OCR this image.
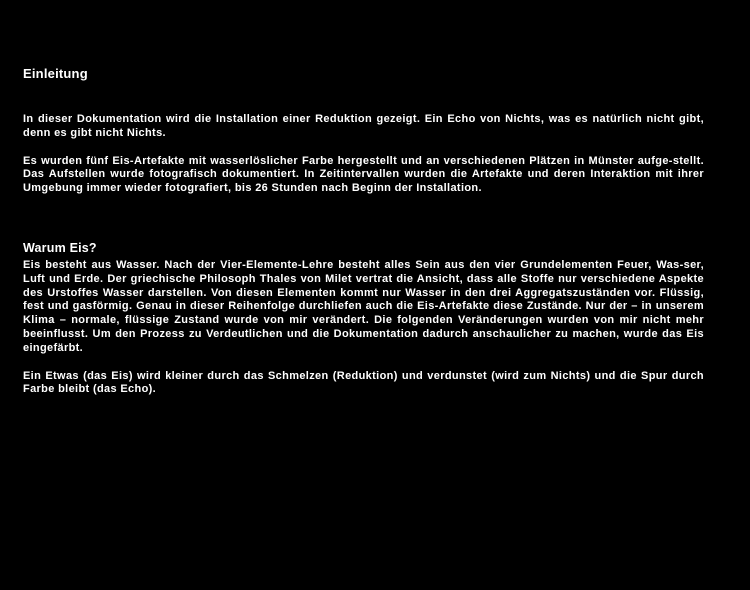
Einleitung

In dieser Dokumentation wird die Installation einer Reduktion gezeigt. Ein Echo von Nichts, was es natürlich nicht gibt, denn es gibt nicht Nichts.

Es wurden fünf Eis-Artefakte mit wasserlöslicher Farbe hergestellt und an verschiedenen Plätzen in Münster aufge-stellt. Das Aufstellen wurde fotografisch dokumentiert. In Zeitintervallen wurden die Artefakte und deren Interaktion mit ihrer Umgebung immer wieder fotografiert, bis 26 Stunden nach Beginn der Installation.

Warum Eis?

Eis besteht aus Wasser. Nach der Vier-Elemente-Lehre besteht alles Sein aus den vier Grundelementen Feuer, Was-ser, Luft und Erde. Der griechische Philosoph Thales von Milet vertrat die Ansicht, dass alle Stoffe nur verschiedene Aspekte des Urstoffes Wasser darstellen. Von diesen Elementen kommt nur Wasser in den drei Aggregatszuständen vor. Flüssig, fest und gasförmig. Genau in dieser Reihenfolge durchliefen auch die Eis-Artefakte diese Zustände. Nur der – in unserem Klima – normale, flüssige Zustand wurde von mir verändert. Die folgenden Veränderungen wurden von mir nicht mehr beeinflusst. Um den Prozess zu Verdeutlichen und die Dokumentation dadurch anschaulicher zu machen, wurde das Eis eingefärbt.

Ein Etwas (das Eis) wird kleiner durch das Schmelzen (Reduktion) und verdunstet (wird zum Nichts) und die Spur durch Farbe bleibt (das Echo).
